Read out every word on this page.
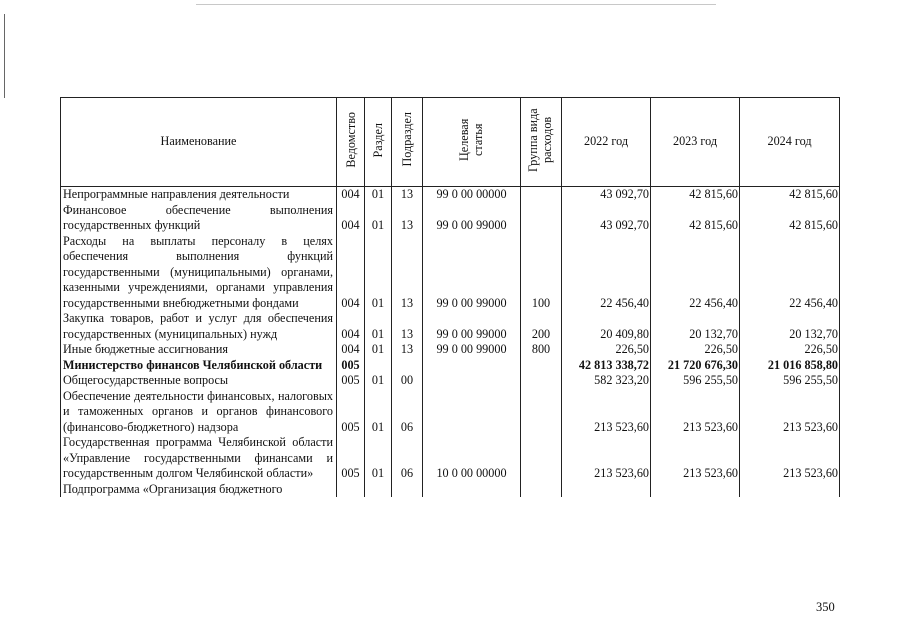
Наименование	Ведомство	Раздел	Подраздел	Целевая статья	Группа вида расходов	2022 год	2023 год	2024 год
Непрограммные направления деятельности	004	01	13	99 0 00 00000		43 092,70	42 815,60	42 815,60
Финансовое обеспечение выполнения государственных функций	004	01	13	99 0 00 99000		43 092,70	42 815,60	42 815,60
Расходы на выплаты персоналу в целях обеспечения выполнения функций государственными (муниципальными) органами, казенными учреждениями, органами управления государственными внебюджетными фондами	004	01	13	99 0 00 99000	100	22 456,40	22 456,40	22 456,40
Закупка товаров, работ и услуг для обеспечения государственных (муниципальных) нужд	004	01	13	99 0 00 99000	200	20 409,80	20 132,70	20 132,70
Иные бюджетные ассигнования	004	01	13	99 0 00 99000	800	226,50	226,50	226,50
Министерство финансов Челябинской области	005					42 813 338,72	21 720 676,30	21 016 858,80
Общегосударственные вопросы	005	01	00			582 323,20	596 255,50	596 255,50
Обеспечение деятельности финансовых, налоговых и таможенных органов и органов финансового (финансово-бюджетного) надзора	005	01	06			213 523,60	213 523,60	213 523,60
Государственная программа Челябинской области «Управление государственными финансами и государственным долгом Челябинской области»	005	01	06	10 0 00 00000		213 523,60	213 523,60	213 523,60
Подпрограмма «Организация бюджетного								
350
